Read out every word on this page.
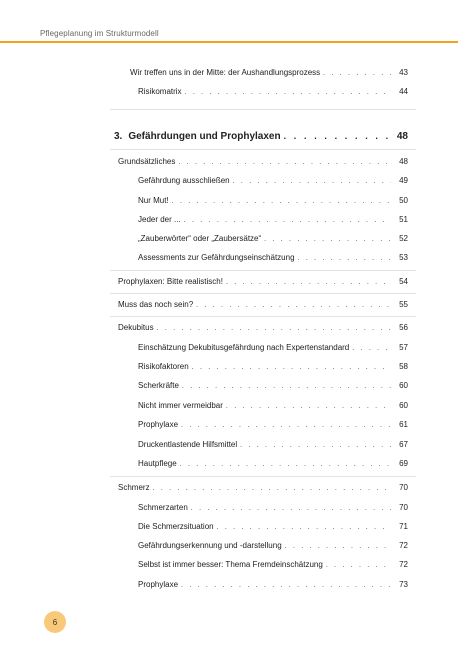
Pflegeplanung im Strukturmodell
Wir treffen uns in der Mitte: der Aushandlungsprozess . . .	43
Risikomatrix . . .	44
3. Gefährdungen und Prophylaxen . . .	48
Grundsätzliches . . .	48
Gefährdung ausschließen . . .	49
Nur Mut! . . .	50
Jeder der ... . . .	51
„Zauberwörter“ oder „Zaubersätze“ . . .	52
Assessments zur Gefährdungseinschätzung . . .	53
Prophylaxen: Bitte realistisch! . . .	54
Muss das noch sein? . . .	55
Dekubitus . . .	56
Einschätzung Dekubitusgefährdung nach Expertenstandard . . .	57
Risikofaktoren . . .	58
Scherkräfte . . .	60
Nicht immer vermeidbar . . .	60
Prophylaxe . . .	61
Druckentlastende Hilfsmittel . . .	67
Hautpflege . . .	69
Schmerz . . .	70
Schmerzarten . . .	70
Die Schmerzsituation . . .	71
Gefährdungserkennung und -darstellung . . .	72
Selbst ist immer besser: Thema Fremdeinschätzung . . .	72
Prophylaxe . . .	73
6
